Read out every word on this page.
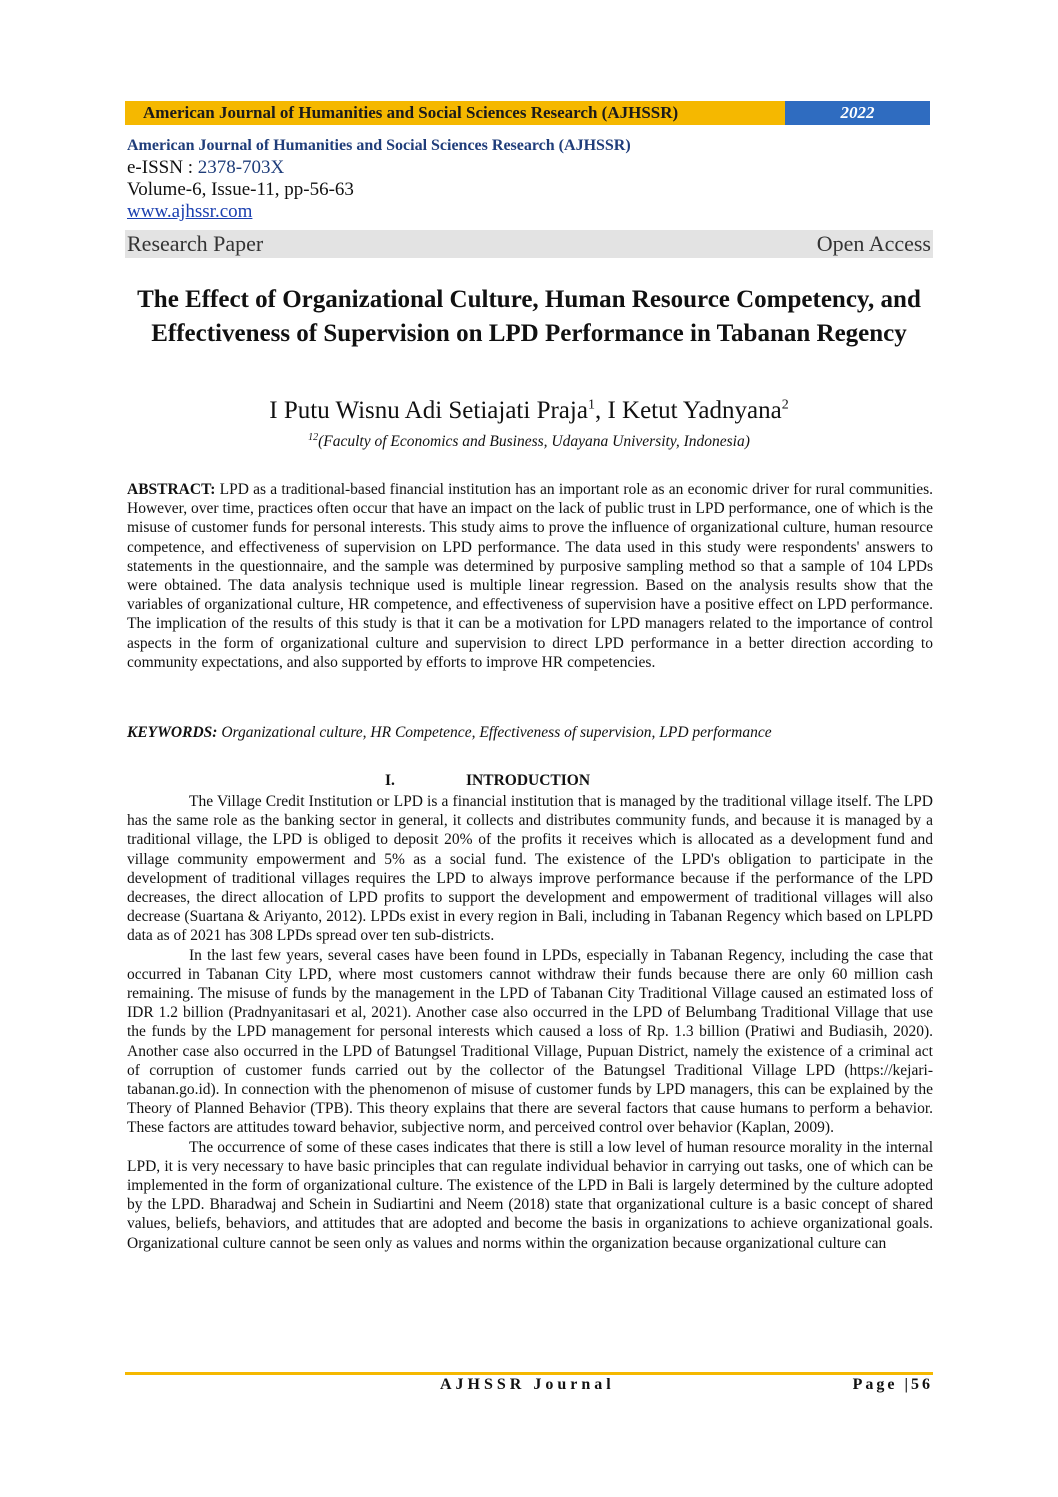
American Journal of Humanities and Social Sciences Research (AJHSSR)	2022
American Journal of Humanities and Social Sciences Research (AJHSSR)
e-ISSN : 2378-703X
Volume-6, Issue-11, pp-56-63
www.ajhssr.com
Research Paper	Open Access
The Effect of Organizational Culture, Human Resource Competency, and Effectiveness of Supervision on LPD Performance in Tabanan Regency
I Putu Wisnu Adi Setiajati Praja$^1$, I Ketut Yadnyana$^2$
$^{12}$(Faculty of Economics and Business, Udayana University, Indonesia)
ABSTRACT: LPD as a traditional-based financial institution has an important role as an economic driver for rural communities. However, over time, practices often occur that have an impact on the lack of public trust in LPD performance, one of which is the misuse of customer funds for personal interests. This study aims to prove the influence of organizational culture, human resource competence, and effectiveness of supervision on LPD performance. The data used in this study were respondents' answers to statements in the questionnaire, and the sample was determined by purposive sampling method so that a sample of 104 LPDs were obtained. The data analysis technique used is multiple linear regression. Based on the analysis results show that the variables of organizational culture, HR competence, and effectiveness of supervision have a positive effect on LPD performance. The implication of the results of this study is that it can be a motivation for LPD managers related to the importance of control aspects in the form of organizational culture and supervision to direct LPD performance in a better direction according to community expectations, and also supported by efforts to improve HR competencies.
KEYWORDS: Organizational culture, HR Competence, Effectiveness of supervision, LPD performance
I.	INTRODUCTION

The Village Credit Institution or LPD is a financial institution that is managed by the traditional village itself. The LPD has the same role as the banking sector in general, it collects and distributes community funds, and because it is managed by a traditional village, the LPD is obliged to deposit 20% of the profits it receives which is allocated as a development fund and village community empowerment and 5% as a social fund. The existence of the LPD's obligation to participate in the development of traditional villages requires the LPD to always improve performance because if the performance of the LPD decreases, the direct allocation of LPD profits to support the development and empowerment of traditional villages will also decrease (Suartana & Ariyanto, 2012). LPDs exist in every region in Bali, including in Tabanan Regency which based on LPLPD data as of 2021 has 308 LPDs spread over ten sub-districts.

In the last few years, several cases have been found in LPDs, especially in Tabanan Regency, including the case that occurred in Tabanan City LPD, where most customers cannot withdraw their funds because there are only 60 million cash remaining. The misuse of funds by the management in the LPD of Tabanan City Traditional Village caused an estimated loss of IDR 1.2 billion (Pradnyanitasari et al, 2021). Another case also occurred in the LPD of Belumbang Traditional Village that use the funds by the LPD management for personal interests which caused a loss of Rp. 1.3 billion (Pratiwi and Budiasih, 2020). Another case also occurred in the LPD of Batungsel Traditional Village, Pupuan District, namely the existence of a criminal act of corruption of customer funds carried out by the collector of the Batungsel Traditional Village LPD (https://kejari-tabanan.go.id). In connection with the phenomenon of misuse of customer funds by LPD managers, this can be explained by the Theory of Planned Behavior (TPB). This theory explains that there are several factors that cause humans to perform a behavior. These factors are attitudes toward behavior, subjective norm, and perceived control over behavior (Kaplan, 2009).

The occurrence of some of these cases indicates that there is still a low level of human resource morality in the internal LPD, it is very necessary to have basic principles that can regulate individual behavior in carrying out tasks, one of which can be implemented in the form of organizational culture. The existence of the LPD in Bali is largely determined by the culture adopted by the LPD. Bharadwaj and Schein in Sudiartini and Neem (2018) state that organizational culture is a basic concept of shared values, beliefs, behaviors, and attitudes that are adopted and become the basis in organizations to achieve organizational goals. Organizational culture cannot be seen only as values and norms within the organization because organizational culture can

AJHSSR Journal	Page |56
